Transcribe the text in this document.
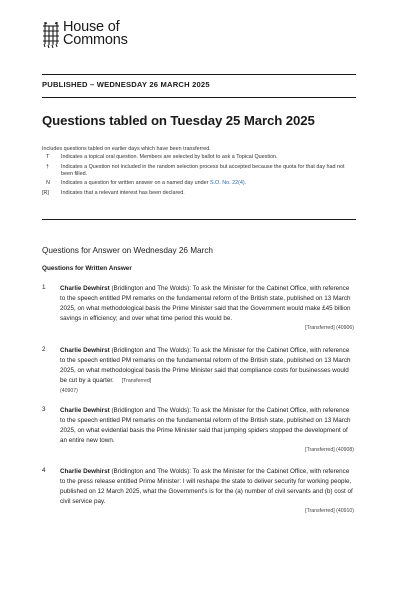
House of
Commons
PUBLISHED – WEDNESDAY 26 MARCH 2025
Questions tabled on Tuesday 25 March 2025
Includes questions tabled on earlier days which have been transferred.
T	Indicates a topical oral question. Members are selected by ballot to ask a Topical Question.
†	Indicates a Question not included in the random selection process but accepted because the quota for that day had not been filled.
N	Indicates a question for written answer on a named day under S.O. No. 22(4).
[R]	Indicates that a relevant interest has been declared.
Questions for Answer on Wednesday 26 March
Questions for Written Answer
1 Charlie Dewhirst (Bridlington and The Wolds): To ask the Minister for the Cabinet Office, with reference to the speech entitled PM remarks on the fundamental reform of the British state, published on 13 March 2025, on what methodological basis the Prime Minister said that the Government would make £45 billion savings in efficiency; and over what time period this would be.
[Transferred] (40906)
2 Charlie Dewhirst (Bridlington and The Wolds): To ask the Minister for the Cabinet Office, with reference to the speech entitled PM remarks on the fundamental reform of the British state, published on 13 March 2025, on what methodological basis the Prime Minister said that compliance costs for businesses would be cut by a quarter. [Transferred]
(40907)
3 Charlie Dewhirst (Bridlington and The Wolds): To ask the Minister for the Cabinet Office, with reference to the speech entitled PM remarks on the fundamental reform of the British state, published on 13 March 2025, on what evidential basis the Prime Minister said that jumping spiders stopped the development of an entire new town.
[Transferred] (40908)
4 Charlie Dewhirst (Bridlington and The Wolds): To ask the Minister for the Cabinet Office, with reference to the press release entitled Prime Minister: I will reshape the state to deliver security for working people, published on 12 March 2025, what the Government's is for the (a) number of civil servants and (b) cost of civil service pay.
[Transferred] (40910)
